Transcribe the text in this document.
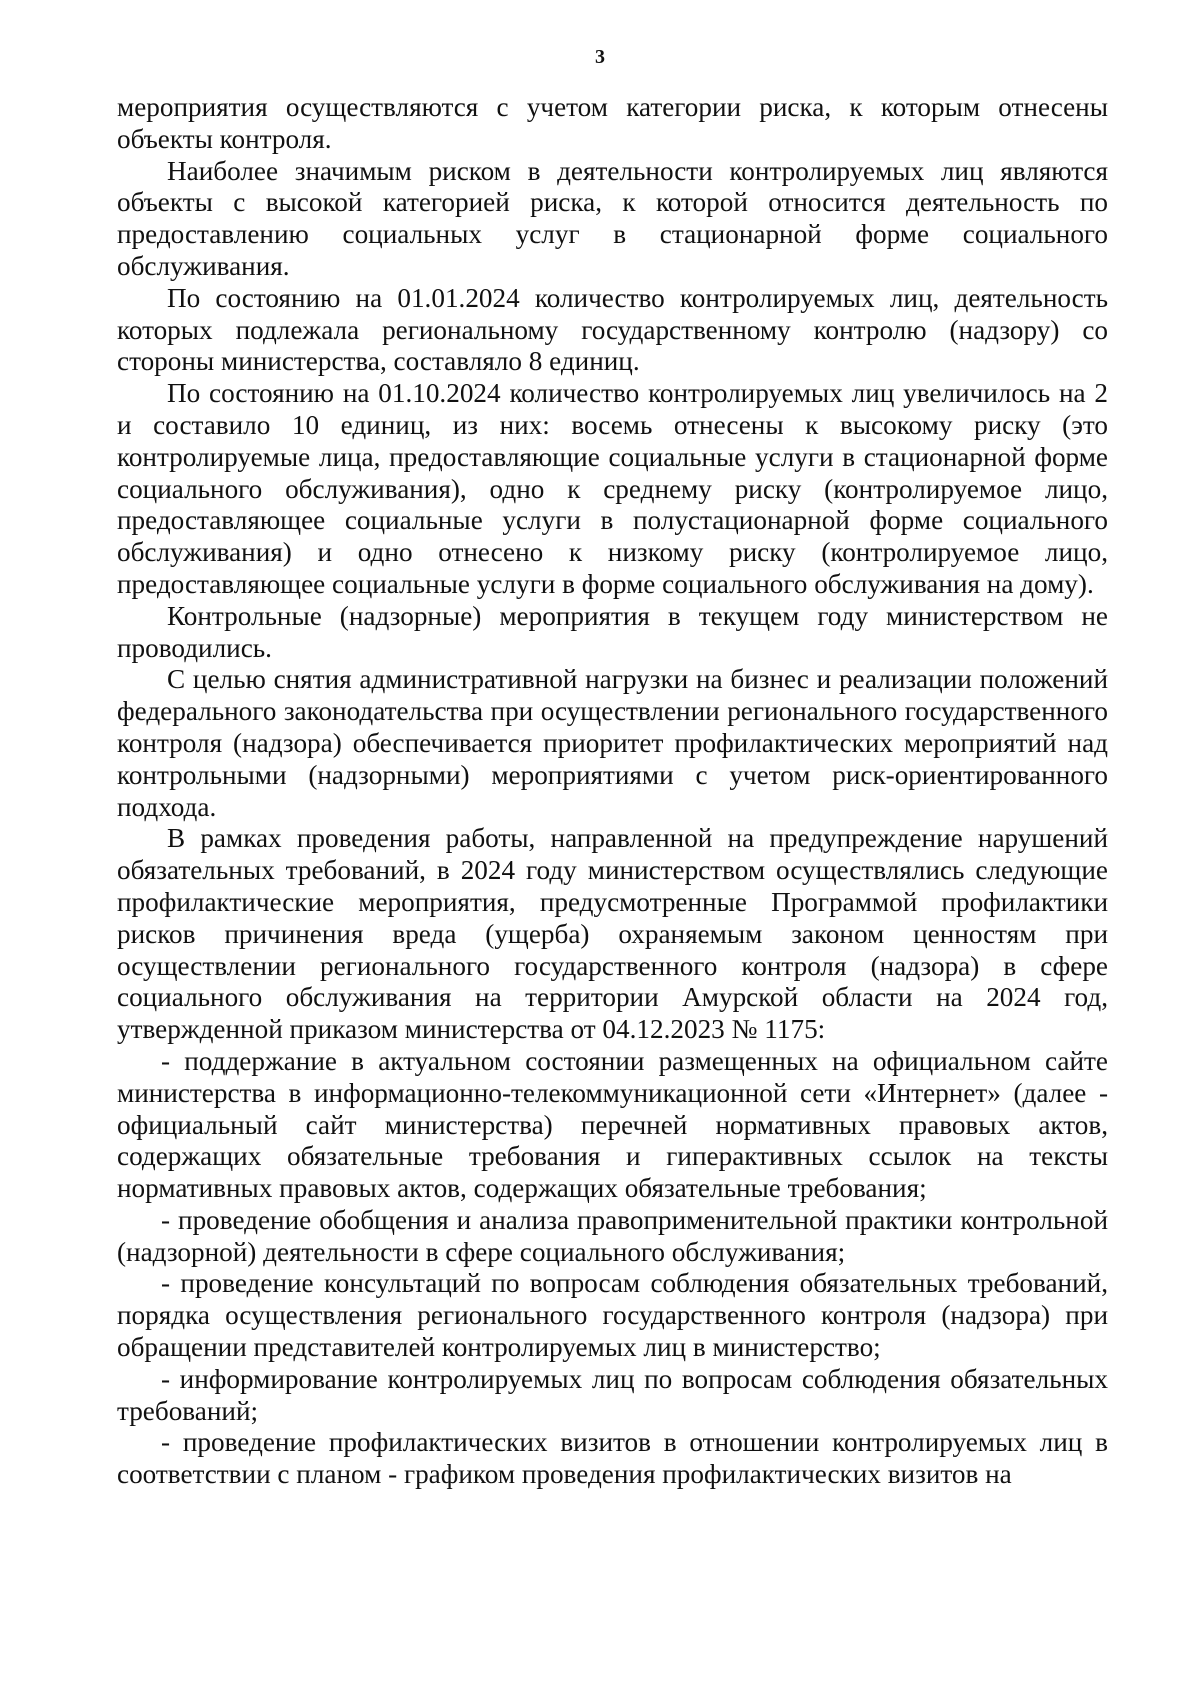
3

мероприятия осуществляются с учетом категории риска, к которым отнесены объекты контроля.

Наиболее значимым риском в деятельности контролируемых лиц являются объекты с высокой категорией риска, к которой относится деятельность по предоставлению социальных услуг в стационарной форме социального обслуживания.

По состоянию на 01.01.2024 количество контролируемых лиц, деятельность которых подлежала региональному государственному контролю (надзору) со стороны министерства, составляло 8 единиц.

По состоянию на 01.10.2024 количество контролируемых лиц увеличилось на 2 и составило 10 единиц, из них: восемь отнесены к высокому риску (это контролируемые лица, предоставляющие социальные услуги в стационарной форме социального обслуживания), одно к среднему риску (контролируемое лицо, предоставляющее социальные услуги в полустационарной форме социального обслуживания) и одно отнесено к низкому риску (контролируемое лицо, предоставляющее социальные услуги в форме социального обслуживания на дому).

Контрольные (надзорные) мероприятия в текущем году министерством не проводились.

С целью снятия административной нагрузки на бизнес и реализации положений федерального законодательства при осуществлении регионального государственного контроля (надзора) обеспечивается приоритет профилактических мероприятий над контрольными (надзорными) мероприятиями с учетом риск-ориентированного подхода.

В рамках проведения работы, направленной на предупреждение нарушений обязательных требований, в 2024 году министерством осуществлялись следующие профилактические мероприятия, предусмотренные Программой профилактики рисков причинения вреда (ущерба) охраняемым законом ценностям при осуществлении регионального государственного контроля (надзора) в сфере социального обслуживания на территории Амурской области на 2024 год, утвержденной приказом министерства от 04.12.2023 № 1175:

- поддержание в актуальном состоянии размещенных на официальном сайте министерства в информационно-телекоммуникационной сети «Интернет» (далее - официальный сайт министерства) перечней нормативных правовых актов, содержащих обязательные требования и гиперактивных ссылок на тексты нормативных правовых актов, содержащих обязательные требования;

- проведение обобщения и анализа правоприменительной практики контрольной (надзорной) деятельности в сфере социального обслуживания;

- проведение консультаций по вопросам соблюдения обязательных требований, порядка осуществления регионального государственного контроля (надзора) при обращении представителей контролируемых лиц в министерство;

- информирование контролируемых лиц по вопросам соблюдения обязательных требований;

- проведение профилактических визитов в отношении контролируемых лиц в соответствии с планом - графиком проведения профилактических визитов на
